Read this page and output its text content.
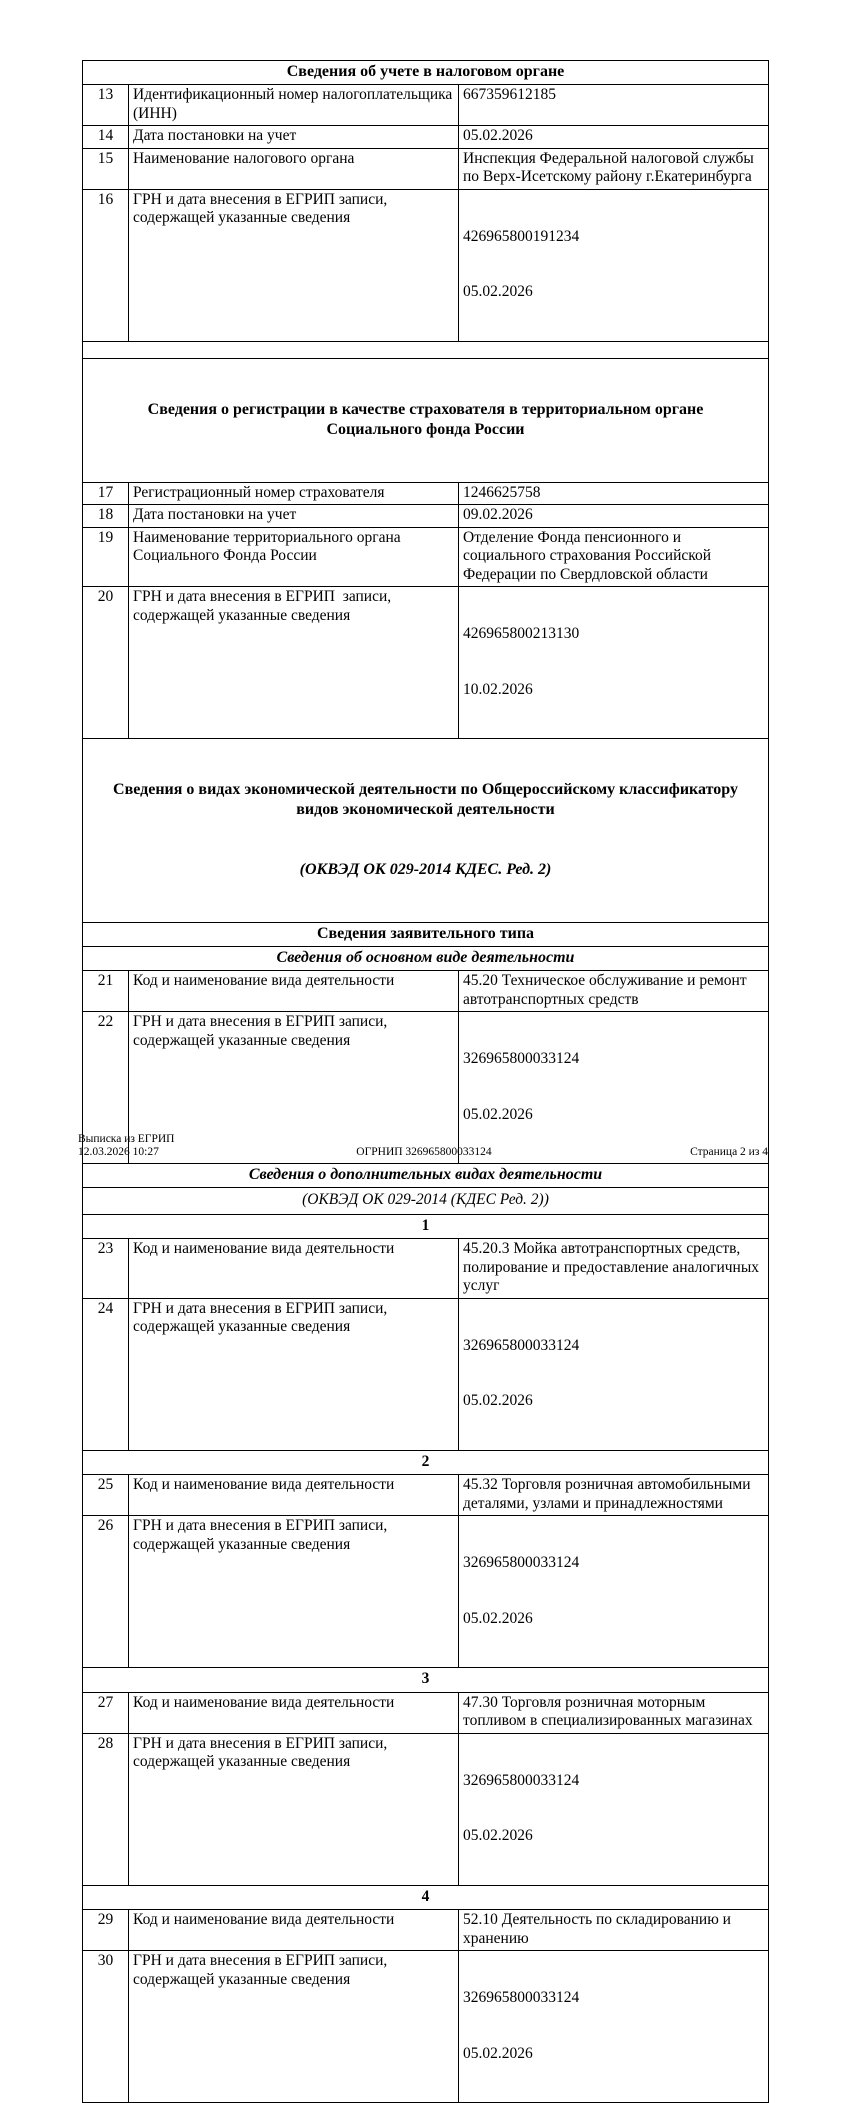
Сведения об учете в налоговом органе		
13	Идентификационный номер налогоплательщика (ИНН)	667359612185

14	Дата постановки на учет	05.02.2026

15	Наименование налогового органа	Инспекция Федеральной налоговой службы по Верх-Исетскому району г.Екатеринбурга

16	ГРН и дата внесения в ЕГРИП записи, содержащей указанные сведения	426965800191234

05.02.2026

Сведения о регистрации в качестве страхователя в территориальном органе Социального фонда России		

17	Регистрационный номер страхователя	1246625758

18	Дата постановки на учет	09.02.2026

19	Наименование территориального органа Социального Фонда России	Отделение Фонда пенсионного и социального страхования Российской Федерации по Свердловской области

20	ГРН и дата внесения в ЕГРИП  записи, содержащей указанные сведения	426965800213130

10.02.2026

Сведения о видах экономической деятельности по Общероссийскому классификатору видов экономической деятельности

(ОКВЭД ОК 029-2014 КДЕС. Ред. 2)		

Сведения заявительного типа		
Сведения об основном виде деятельности		
21	Код и наименование вида деятельности	45.20 Техническое обслуживание и ремонт автотранспортных средств

22	ГРН и дата внесения в ЕГРИП записи, содержащей указанные сведения	326965800033124

05.02.2026

Сведения о дополнительных видах деятельности		
(ОКВЭД ОК 029-2014 (КДЕС Ред. 2))		
1		
23	Код и наименование вида деятельности	45.20.3 Мойка автотранспортных средств, полирование и предоставление аналогичных услуг

24	ГРН и дата внесения в ЕГРИП записи, содержащей указанные сведения	326965800033124

05.02.2026

2		
25	Код и наименование вида деятельности	45.32 Торговля розничная автомобильными деталями, узлами и принадлежностями

26	ГРН и дата внесения в ЕГРИП записи, содержащей указанные сведения	326965800033124

05.02.2026

3		
27	Код и наименование вида деятельности	47.30 Торговля розничная моторным топливом в специализированных магазинах

28	ГРН и дата внесения в ЕГРИП записи, содержащей указанные сведения	326965800033124

05.02.2026

4		
29	Код и наименование вида деятельности	52.10 Деятельность по складированию и хранению

30	ГРН и дата внесения в ЕГРИП записи, содержащей указанные сведения	326965800033124

05.02.2026

Выписка из ЕГРИП
12.03.2026 10:27	ОГРНИП 326965800033124	Страница 2 из 4
